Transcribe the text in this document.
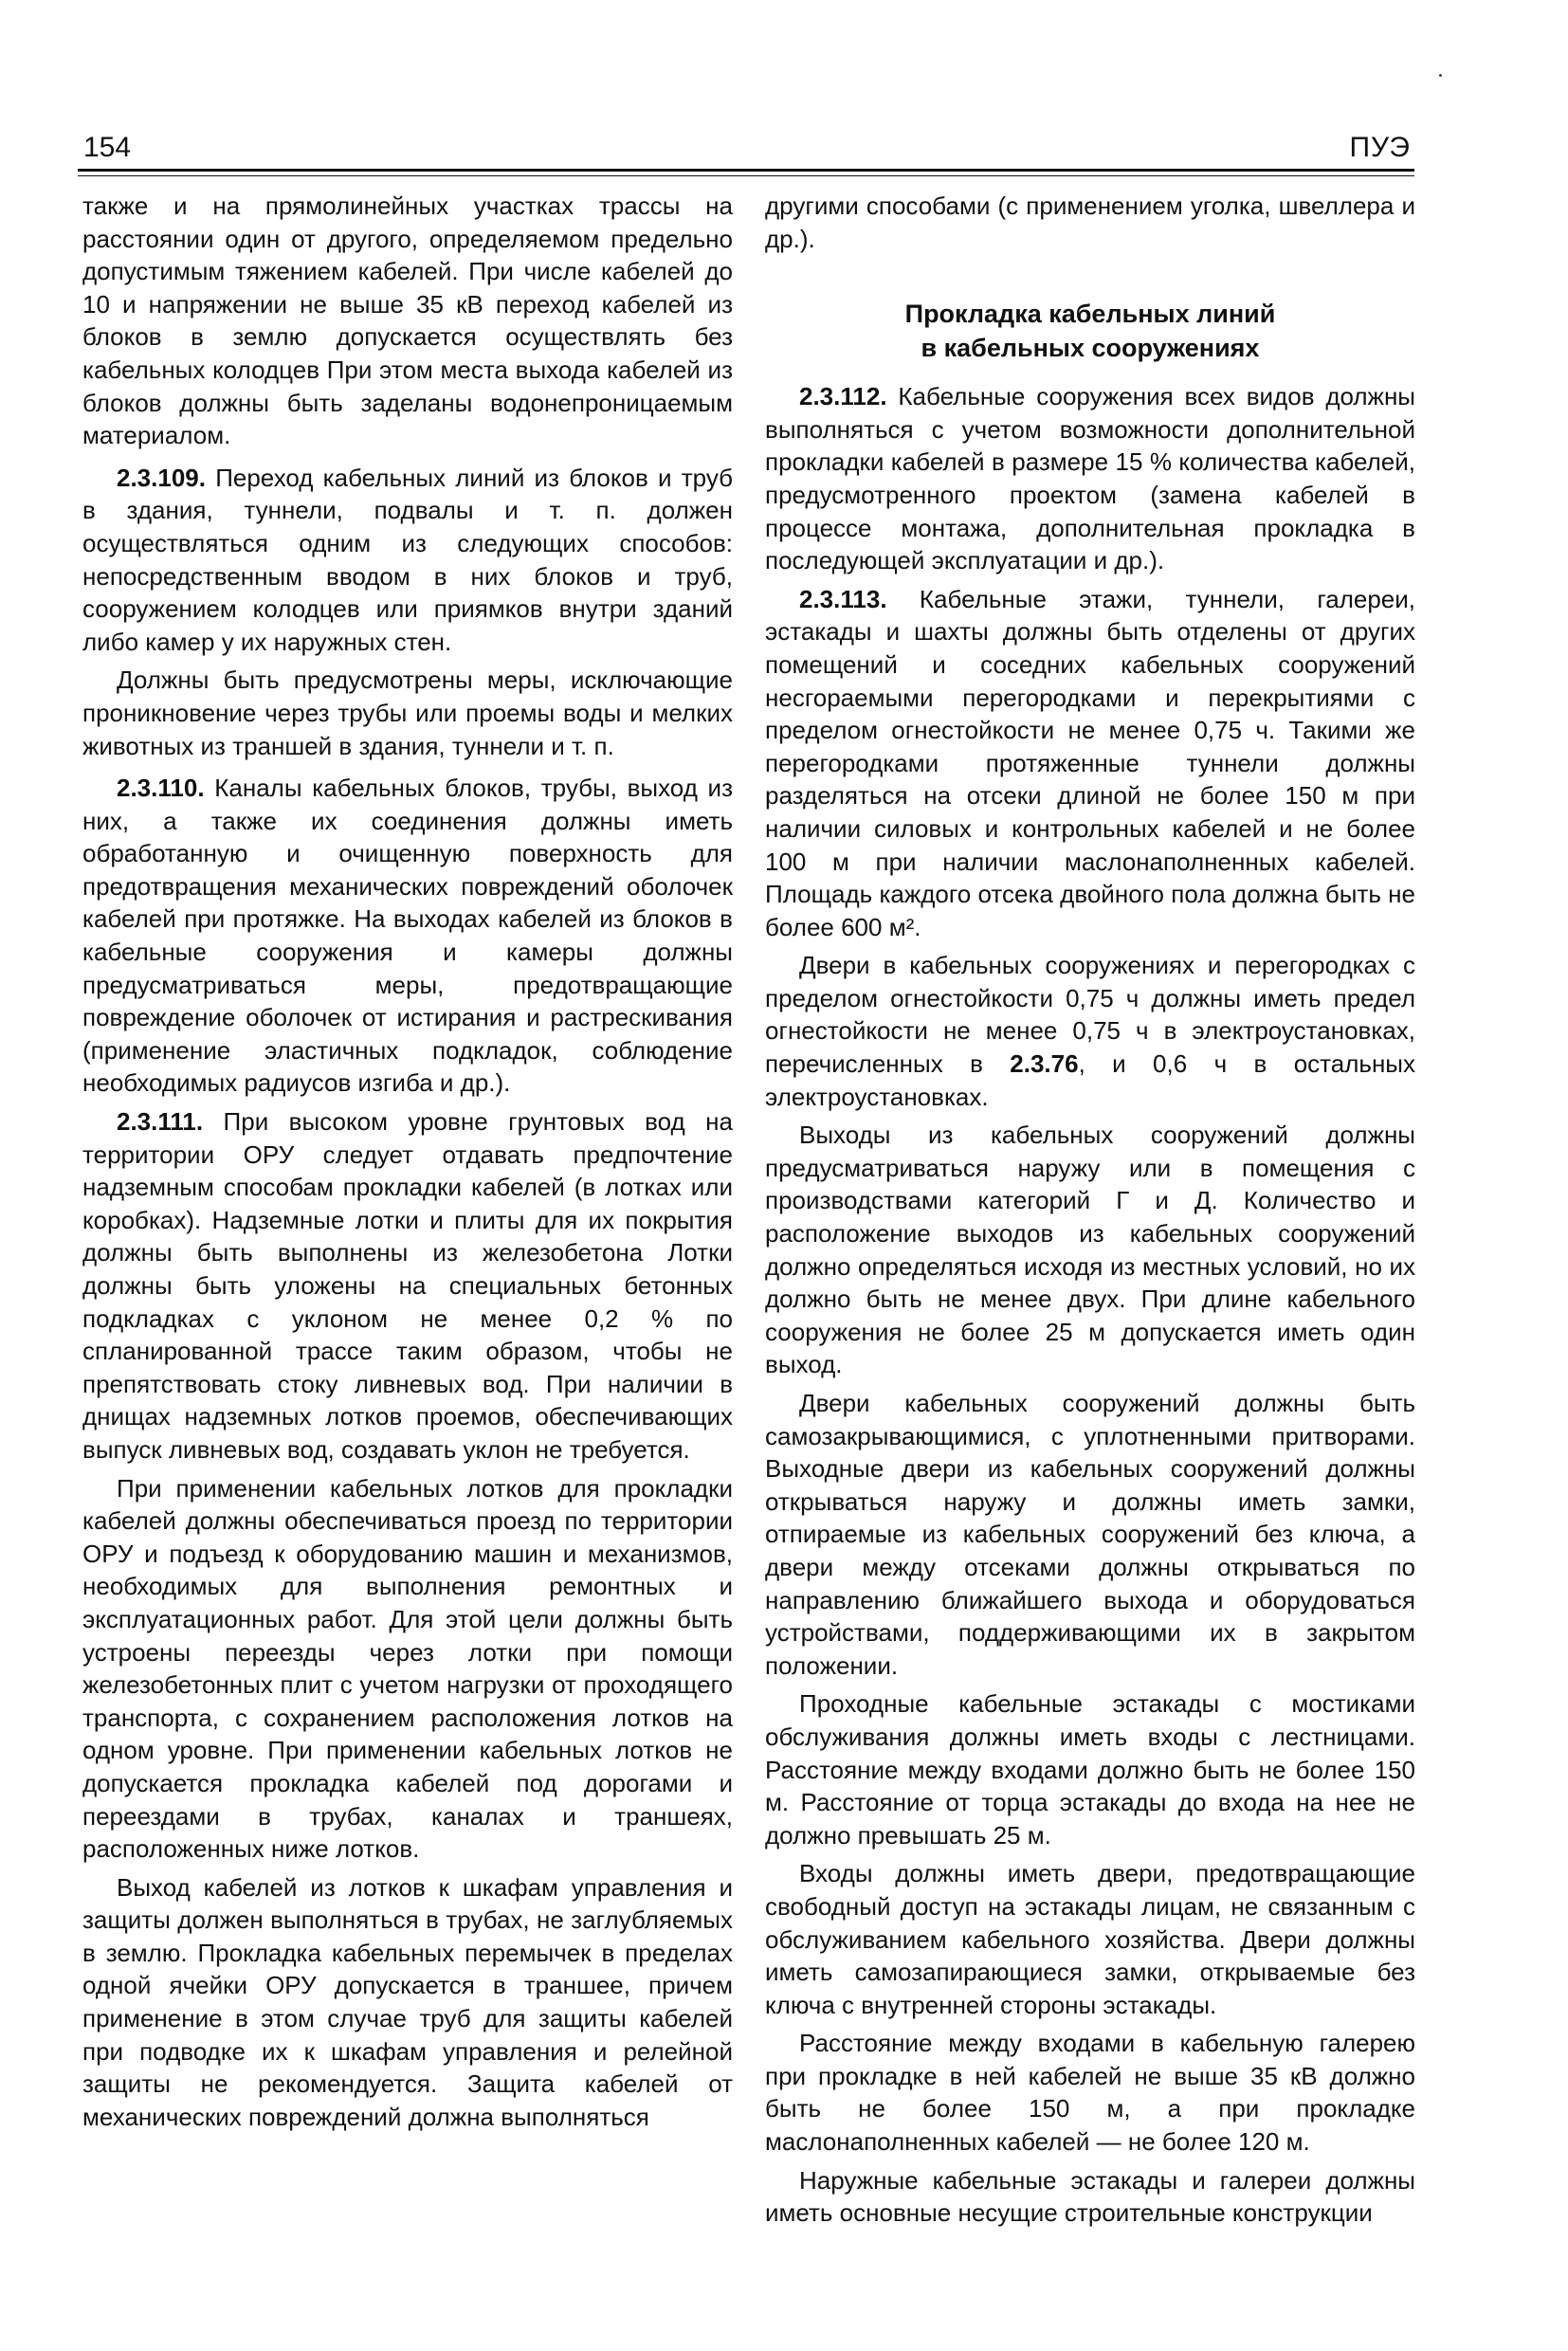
154	ПУЭ

также и на прямолинейных участках трассы на расстоянии один от другого, определяемом предельно допустимым тяжением кабелей. При числе кабелей до 10 и напряжении не выше 35 кВ переход кабелей из блоков в землю допускается осуществлять без кабельных колодцев При этом места выхода кабелей из блоков должны быть заделаны водонепроницаемым материалом.

2.3.109. Переход кабельных линий из блоков и труб в здания, туннели, подвалы и т. п. должен осуществляться одним из следующих способов: непосредственным вводом в них блоков и труб, сооружением колодцев или приямков внутри зданий либо камер у их наружных стен.

Должны быть предусмотрены меры, исключающие проникновение через трубы или проемы воды и мелких животных из траншей в здания, туннели и т. п.

2.3.110. Каналы кабельных блоков, трубы, выход из них, а также их соединения должны иметь обработанную и очищенную поверхность для предотвращения механических повреждений оболочек кабелей при протяжке. На выходах кабелей из блоков в кабельные сооружения и камеры должны предусматриваться меры, предотвращающие повреждение оболочек от истирания и растрескивания (применение эластичных подкладок, соблюдение необходимых радиусов изгиба и др.).

2.3.111. При высоком уровне грунтовых вод на территории ОРУ следует отдавать предпочтение надземным способам прокладки кабелей (в лотках или коробках). Надземные лотки и плиты для их покрытия должны быть выполнены из железобетона Лотки должны быть уложены на специальных бетонных подкладках с уклоном не менее 0,2 % по спланированной трассе таким образом, чтобы не препятствовать стоку ливневых вод. При наличии в днищах надземных лотков проемов, обеспечивающих выпуск ливневых вод, создавать уклон не требуется.

При применении кабельных лотков для прокладки кабелей должны обеспечиваться проезд по территории ОРУ и подъезд к оборудованию машин и механизмов, необходимых для выполнения ремонтных и эксплуатационных работ. Для этой цели должны быть устроены переезды через лотки при помощи железобетонных плит с учетом нагрузки от проходящего транспорта, с сохранением расположения лотков на одном уровне. При применении кабельных лотков не допускается прокладка кабелей под дорогами и переездами в трубах, каналах и траншеях, расположенных ниже лотков.

Выход кабелей из лотков к шкафам управления и защиты должен выполняться в трубах, не заглубляемых в землю. Прокладка кабельных перемычек в пределах одной ячейки ОРУ допускается в траншее, причем применение в этом случае труб для защиты кабелей при подводке их к шкафам управления и релейной защиты не рекомендуется. Защита кабелей от механических повреждений должна выполняться

другими способами (с применением уголка, швеллера и др.).

Прокладка кабельных линий
в кабельных сооружениях

2.3.112. Кабельные сооружения всех видов должны выполняться с учетом возможности дополнительной прокладки кабелей в размере 15 % количества кабелей, предусмотренного проектом (замена кабелей в процессе монтажа, дополнительная прокладка в последующей эксплуатации и др.).

2.3.113. Кабельные этажи, туннели, галереи, эстакады и шахты должны быть отделены от других помещений и соседних кабельных сооружений несгораемыми перегородками и перекрытиями с пределом огнестойкости не менее 0,75 ч. Такими же перегородками протяженные туннели должны разделяться на отсеки длиной не более 150 м при наличии силовых и контрольных кабелей и не более 100 м при наличии маслонаполненных кабелей. Площадь каждого отсека двойного пола должна быть не более 600 м².

Двери в кабельных сооружениях и перегородках с пределом огнестойкости 0,75 ч должны иметь предел огнестойкости не менее 0,75 ч в электроустановках, перечисленных в 2.3.76, и 0,6 ч в остальных электроустановках.

Выходы из кабельных сооружений должны предусматриваться наружу или в помещения с производствами категорий Г и Д. Количество и расположение выходов из кабельных сооружений должно определяться исходя из местных условий, но их должно быть не менее двух. При длине кабельного сооружения не более 25 м допускается иметь один выход.

Двери кабельных сооружений должны быть самозакрывающимися, с уплотненными притворами. Выходные двери из кабельных сооружений должны открываться наружу и должны иметь замки, отпираемые из кабельных сооружений без ключа, а двери между отсеками должны открываться по направлению ближайшего выхода и оборудоваться устройствами, поддерживающими их в закрытом положении.

Проходные кабельные эстакады с мостиками обслуживания должны иметь входы с лестницами. Расстояние между входами должно быть не более 150 м. Расстояние от торца эстакады до входа на нее не должно превышать 25 м.

Входы должны иметь двери, предотвращающие свободный доступ на эстакады лицам, не связанным с обслуживанием кабельного хозяйства. Двери должны иметь самозапирающиеся замки, открываемые без ключа с внутренней стороны эстакады.

Расстояние между входами в кабельную галерею при прокладке в ней кабелей не выше 35 кВ должно быть не более 150 м, а при прокладке маслонаполненных кабелей — не более 120 м.

Наружные кабельные эстакады и галереи должны иметь основные несущие строительные конструкции
